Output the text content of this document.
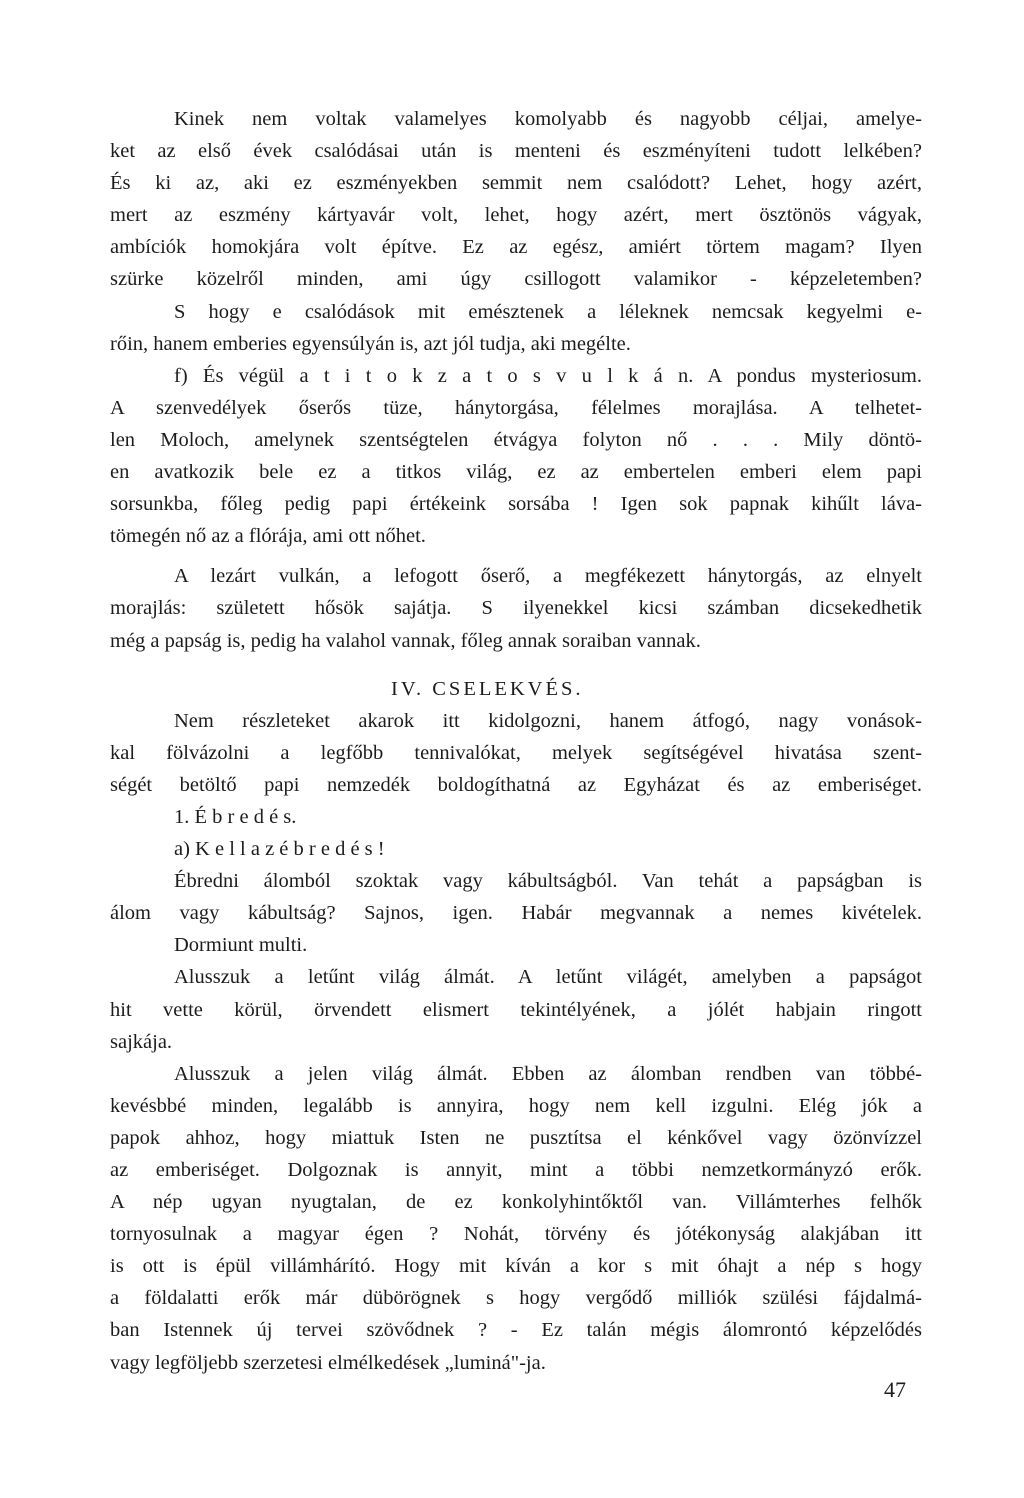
Kinek nem voltak valamelyes komolyabb és nagyobb céljai, amelye-
ket az első évek csalódásai után is menteni és eszményíteni tudott lelkében?
És ki az, aki ez eszményekben semmit nem csalódott? Lehet, hogy azért,
mert az eszmény kártyavár volt, lehet, hogy azért, mert ösztönös vágyak,
ambíciók homokjára volt építve. Ez az egész, amiért törtem magam? Ilyen
szürke közelről minden, ami úgy csillogott valamikor - képzeletemben?
S hogy e csalódások mit emésztenek a léleknek nemcsak kegyelmi e-
rőin, hanem emberies egyensúlyán is, azt jól tudja, aki megélte.
f) És végül a t i t o k z a t o s v u l k á n. A pondus mysteriosum.
A szenvedélyek őserős tüze, hánytorgása, félelmes morajlása. A telhetet-
len Moloch, amelynek szentségtelen étvágya folyton nő . . . Mily döntö-
en avatkozik bele ez a titkos világ, ez az embertelen emberi elem papi
sorsunkba, főleg pedig papi értékeink sorsába ! Igen sok papnak kihűlt láva-
tömegén nő az a flórája, ami ott nőhet.
A lezárt vulkán, a lefogott őserő, a megfékezett hánytorgás, az elnyelt
morajlás: született hősök sajátja. S ilyenekkel kicsi számban dicsekedhetik
még a papság is, pedig ha valahol vannak, főleg annak soraiban vannak.
IV. CSELEKVÉS.
Nem részleteket akarok itt kidolgozni, hanem átfogó, nagy vonások-
kal fölvázolni a legfőbb tennivalókat, melyek segítségével hivatása szent-
ségét betöltő papi nemzedék boldogíthatná az Egyházat és az emberiséget.
1. É b r e d é s.
a) K e l l a z é b r e d é s !
Ébredni álomból szoktak vagy kábultságból. Van tehát a papságban is
álom vagy kábultság? Sajnos, igen. Habár megvannak a nemes kivételek.
Dormiunt multi.
Alusszuk a letűnt világ álmát. A letűnt világét, amelyben a papságot
hit vette körül, örvendett elismert tekintélyének, a jólét habjain ringott
sajkája.
Alusszuk a jelen világ álmát. Ebben az álomban rendben van többé-
kevésbbé minden, legalább is annyira, hogy nem kell izgulni. Elég jók a
papok ahhoz, hogy miattuk Isten ne pusztítsa el kénkővel vagy özönvízzel
az emberiséget. Dolgoznak is annyit, mint a többi nemzetkormányzó erők.
A nép ugyan nyugtalan, de ez konkolyhintőktől van. Villámterhes felhők
tornyosulnak a magyar égen ? Nohát, törvény és jótékonyság alakjában itt
is ott is épül villámhárító. Hogy mit kíván a kor s mit óhajt a nép s hogy
a földalatti erők már dübörögnek s hogy vergődő milliók szülési fájdalmá-
ban Istennek új tervei szövődnek ? - Ez talán mégis álomrontó képzelődés
vagy legföljebb szerzetesi elmélkedések „luminá"-ja.
47
